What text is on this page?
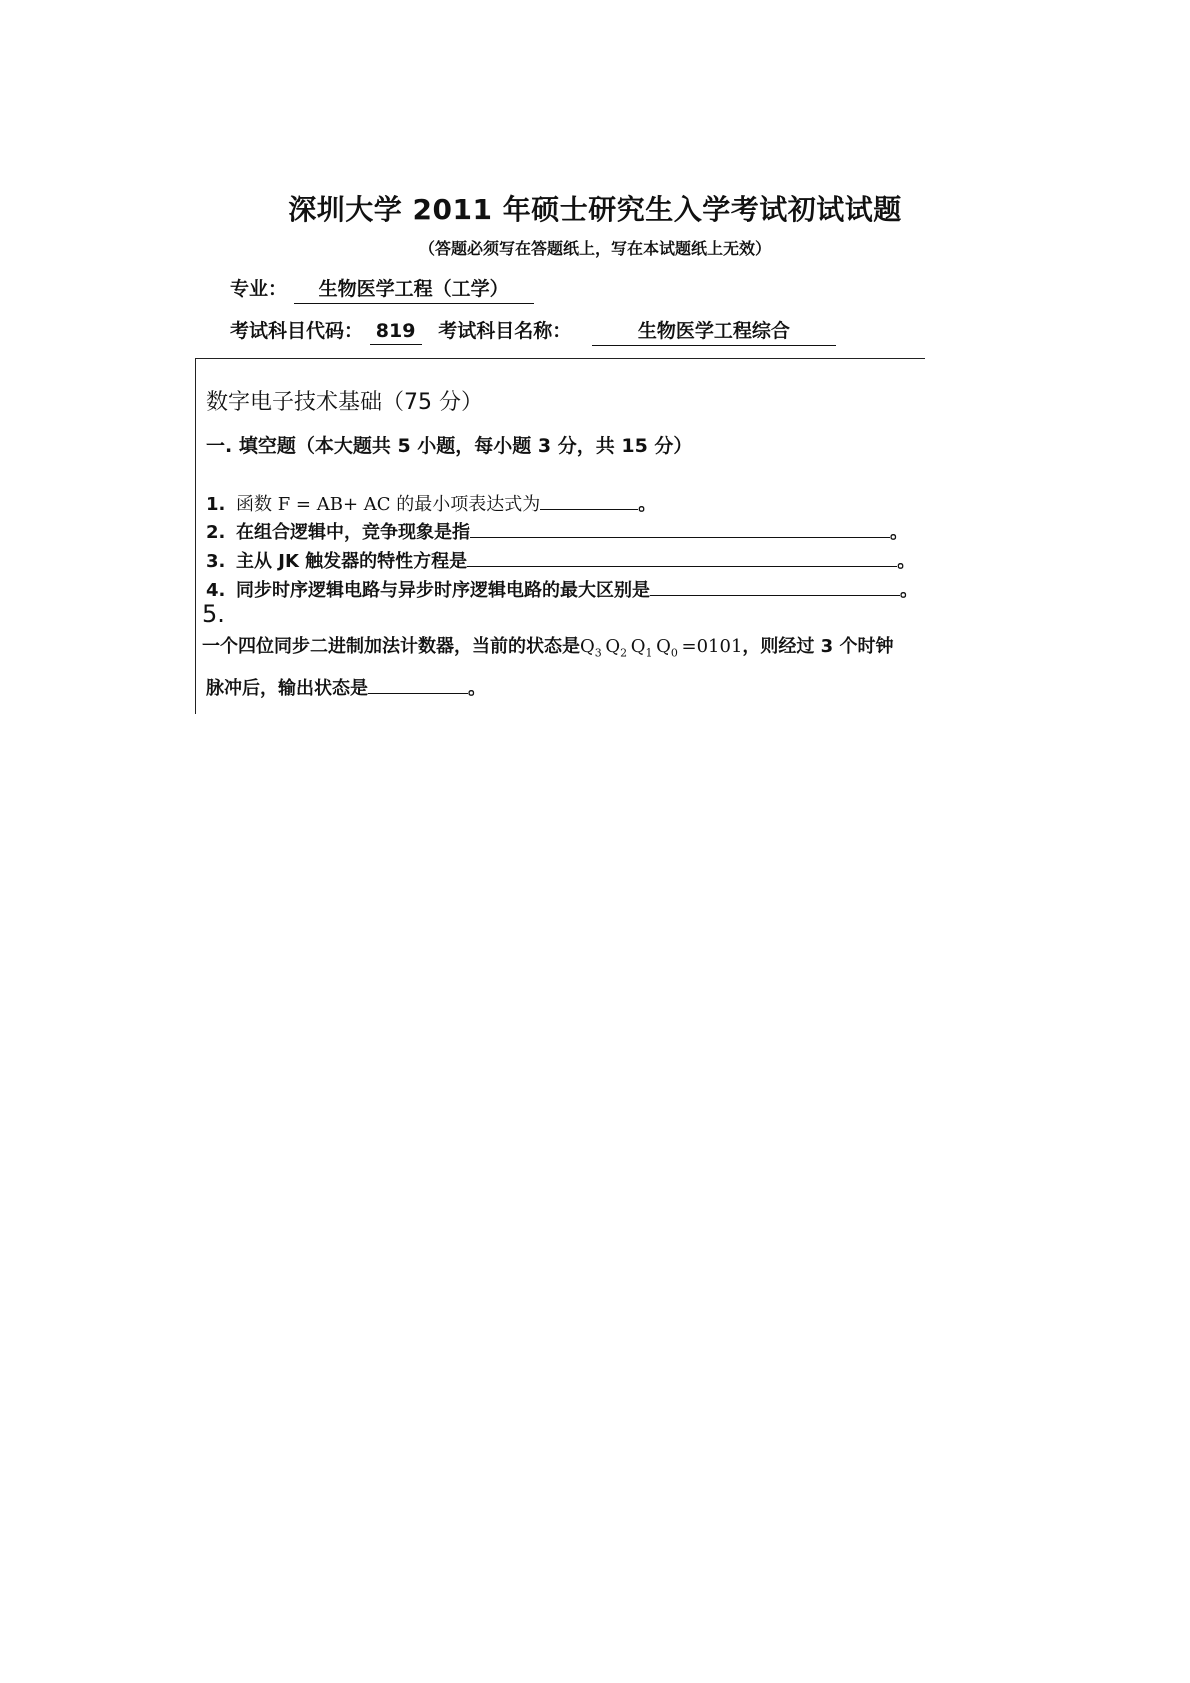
深圳大学 2011 年硕士研究生入学考试初试试题
（答题必须写在答题纸上，写在本试题纸上无效）
专业： 生物医学工程（工学）
考试科目代码： 819 考试科目名称：	生物医学工程综合
数字电子技术基础（75 分）
一. 填空题（本大题共 5 小题，每小题 3 分，共 15 分）
1. 函数 F = AB+ AC 的最小项表达式为	。
2. 在组合逻辑中，竞争现象是指	。
3. 主从 JK 触发器的特性方程是	。
4. 同步时序逻辑电路与异步时序逻辑电路的最大区别是	。
5.
一个四位同步二进制加法计数器，当前的状态是$Q_3$  $Q_2$  $Q_1$  $Q_0 =0101$，则经过 3 个时钟
脉冲后，输出状态是	。
